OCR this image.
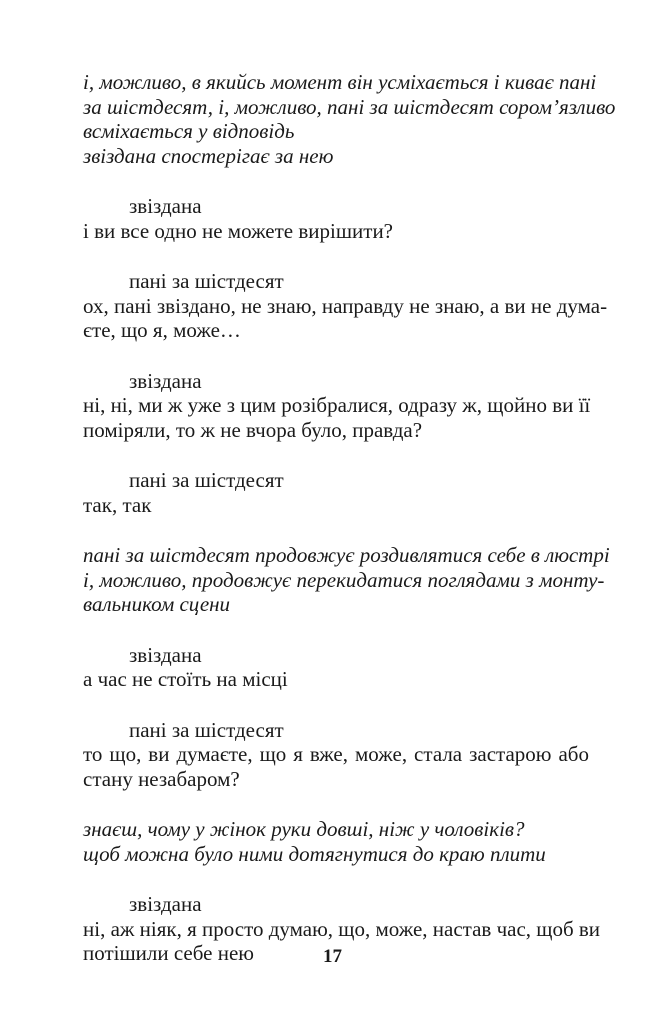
і, можливо, в якийсь момент він усміхається і киває пані
за шістдесят, і, можливо, пані за шістдесят сором’язливо
всміхається у відповідь
звіздана спостерігає за нею
звіздана
і ви все одно не можете вирішити?
пані за шістдесят
ох, пані звіздано, не знаю, направду не знаю, а ви не дума-
єте, що я, може…
звіздана
ні, ні, ми ж уже з цим розібралися, одразу ж, щойно ви її
поміряли, то ж не вчора було, правда?
пані за шістдесят
так, так
пані за шістдесят продовжує роздивлятися себе в люстрі
і, можливо, продовжує перекидатися поглядами з монту-
вальником сцени
звіздана
а час не стоїть на місці
пані за шістдесят
то що, ви думаєте, що я вже, може, стала застарою або
стану незабаром?
знаєш, чому у жінок руки довші, ніж у чоловіків?
щоб можна було ними дотягнутися до краю плити
звіздана
ні, аж ніяк, я просто думаю, що, може, настав час, щоб ви
потішили себе нею	17
